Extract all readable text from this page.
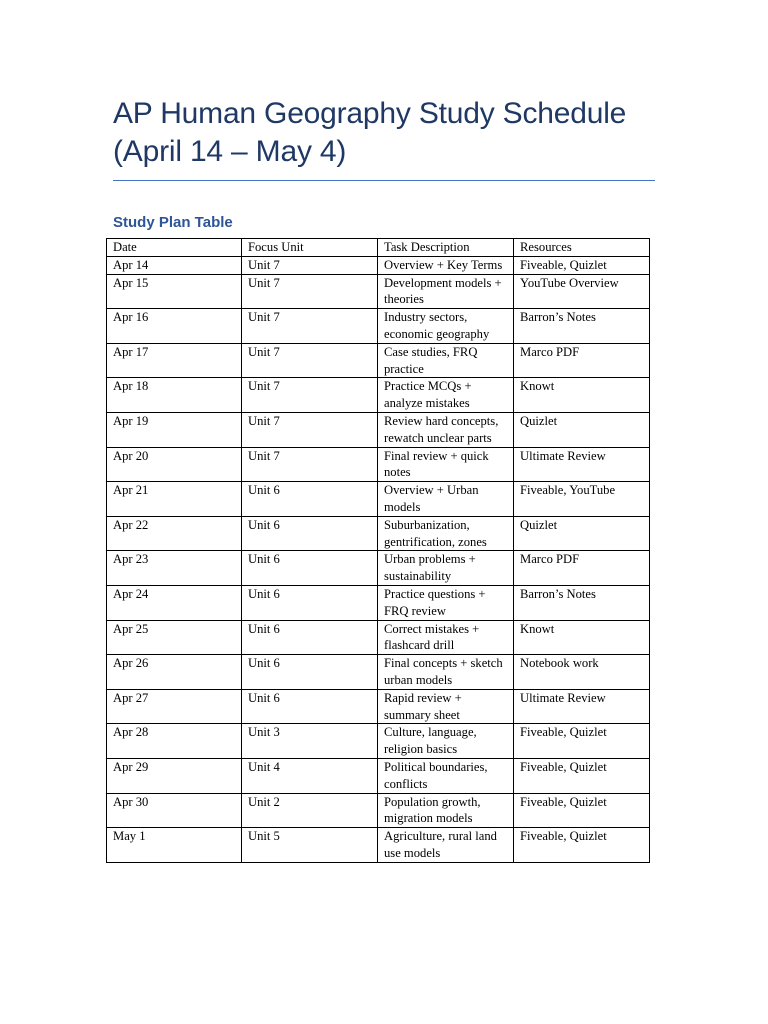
AP Human Geography Study Schedule
(April 14 – May 4)
Study Plan Table
Date	Focus Unit	Task Description	Resources
Apr 14	Unit 7	Overview + Key Terms	Fiveable, Quizlet
Apr 15	Unit 7	Development models + theories	YouTube Overview
Apr 16	Unit 7	Industry sectors, economic geography	Barron’s Notes
Apr 17	Unit 7	Case studies, FRQ practice	Marco PDF
Apr 18	Unit 7	Practice MCQs + analyze mistakes	Knowt
Apr 19	Unit 7	Review hard concepts, rewatch unclear parts	Quizlet
Apr 20	Unit 7	Final review + quick notes	Ultimate Review
Apr 21	Unit 6	Overview + Urban models	Fiveable, YouTube
Apr 22	Unit 6	Suburbanization, gentrification, zones	Quizlet
Apr 23	Unit 6	Urban problems + sustainability	Marco PDF
Apr 24	Unit 6	Practice questions + FRQ review	Barron’s Notes
Apr 25	Unit 6	Correct mistakes + flashcard drill	Knowt
Apr 26	Unit 6	Final concepts + sketch urban models	Notebook work
Apr 27	Unit 6	Rapid review + summary sheet	Ultimate Review
Apr 28	Unit 3	Culture, language, religion basics	Fiveable, Quizlet
Apr 29	Unit 4	Political boundaries, conflicts	Fiveable, Quizlet
Apr 30	Unit 2	Population growth, migration models	Fiveable, Quizlet
May 1	Unit 5	Agriculture, rural land use models	Fiveable, Quizlet
